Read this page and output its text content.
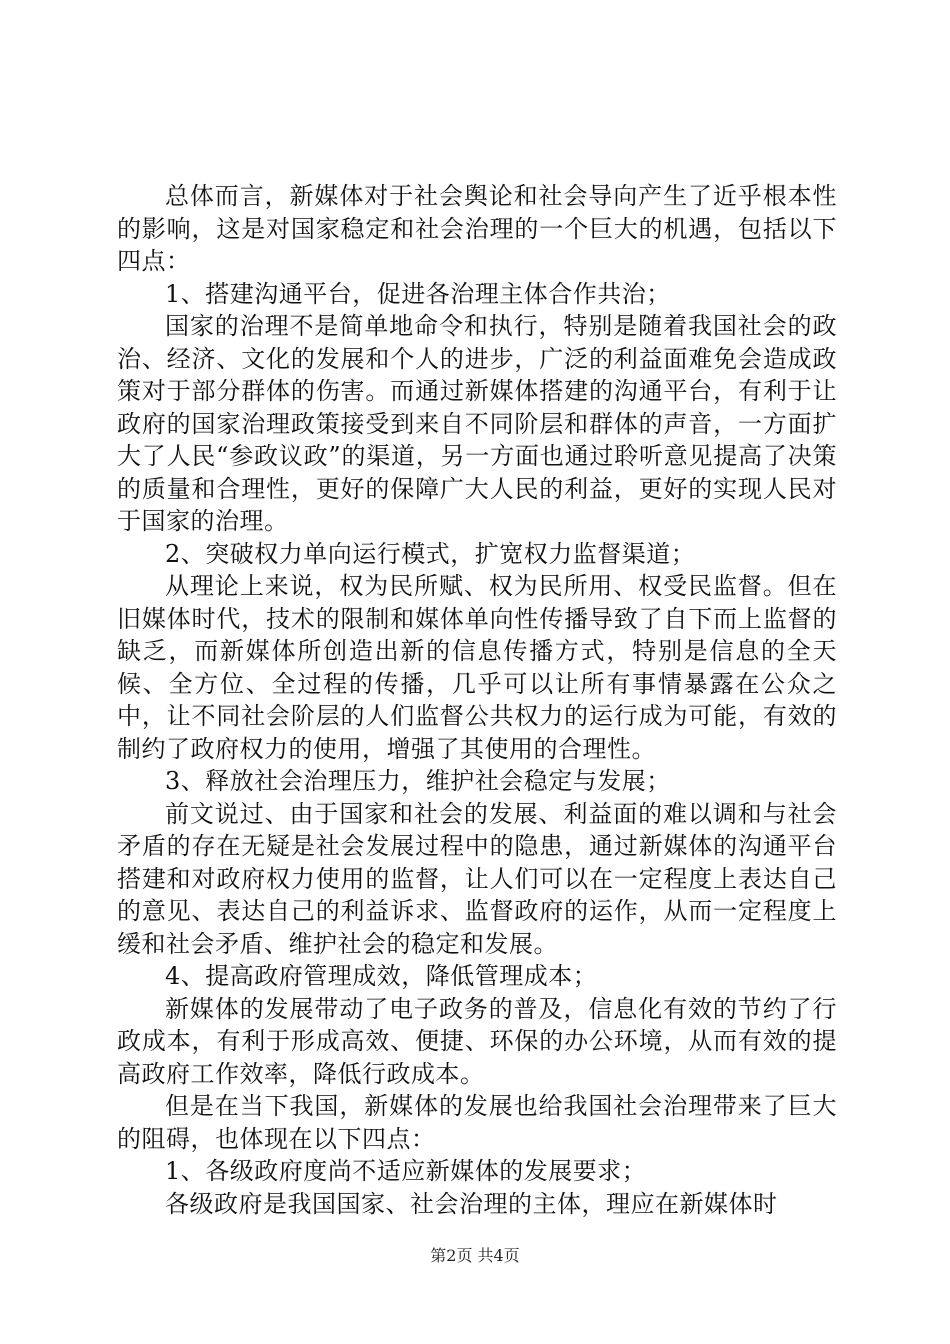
总体而言，新媒体对于社会舆论和社会导向产生了近乎根本性的影响，这是对国家稳定和社会治理的一个巨大的机遇，包括以下四点：

1、搭建沟通平台，促进各治理主体合作共治；

国家的治理不是简单地命令和执行，特别是随着我国社会的政治、经济、文化的发展和个人的进步，广泛的利益面难免会造成政策对于部分群体的伤害。而通过新媒体搭建的沟通平台，有利于让政府的国家治理政策接受到来自不同阶层和群体的声音，一方面扩大了人民“参政议政”的渠道，另一方面也通过聆听意见提高了决策的质量和合理性，更好的保障广大人民的利益，更好的实现人民对于国家的治理。

2、突破权力单向运行模式，扩宽权力监督渠道；

从理论上来说，权为民所赋、权为民所用、权受民监督。但在旧媒体时代，技术的限制和媒体单向性传播导致了自下而上监督的缺乏，而新媒体所创造出新的信息传播方式，特别是信息的全天候、全方位、全过程的传播，几乎可以让所有事情暴露在公众之中，让不同社会阶层的人们监督公共权力的运行成为可能，有效的制约了政府权力的使用，增强了其使用的合理性。

3、释放社会治理压力，维护社会稳定与发展；

前文说过、由于国家和社会的发展、利益面的难以调和与社会矛盾的存在无疑是社会发展过程中的隐患，通过新媒体的沟通平台搭建和对政府权力使用的监督，让人们可以在一定程度上表达自己的意见、表达自己的利益诉求、监督政府的运作，从而一定程度上缓和社会矛盾、维护社会的稳定和发展。

4、提高政府管理成效，降低管理成本；

新媒体的发展带动了电子政务的普及，信息化有效的节约了行政成本，有利于形成高效、便捷、环保的办公环境，从而有效的提高政府工作效率，降低行政成本。

但是在当下我国，新媒体的发展也给我国社会治理带来了巨大的阻碍，也体现在以下四点：

1、各级政府度尚不适应新媒体的发展要求；

各级政府是我国国家、社会治理的主体，理应在新媒体时

第2页 共4页
